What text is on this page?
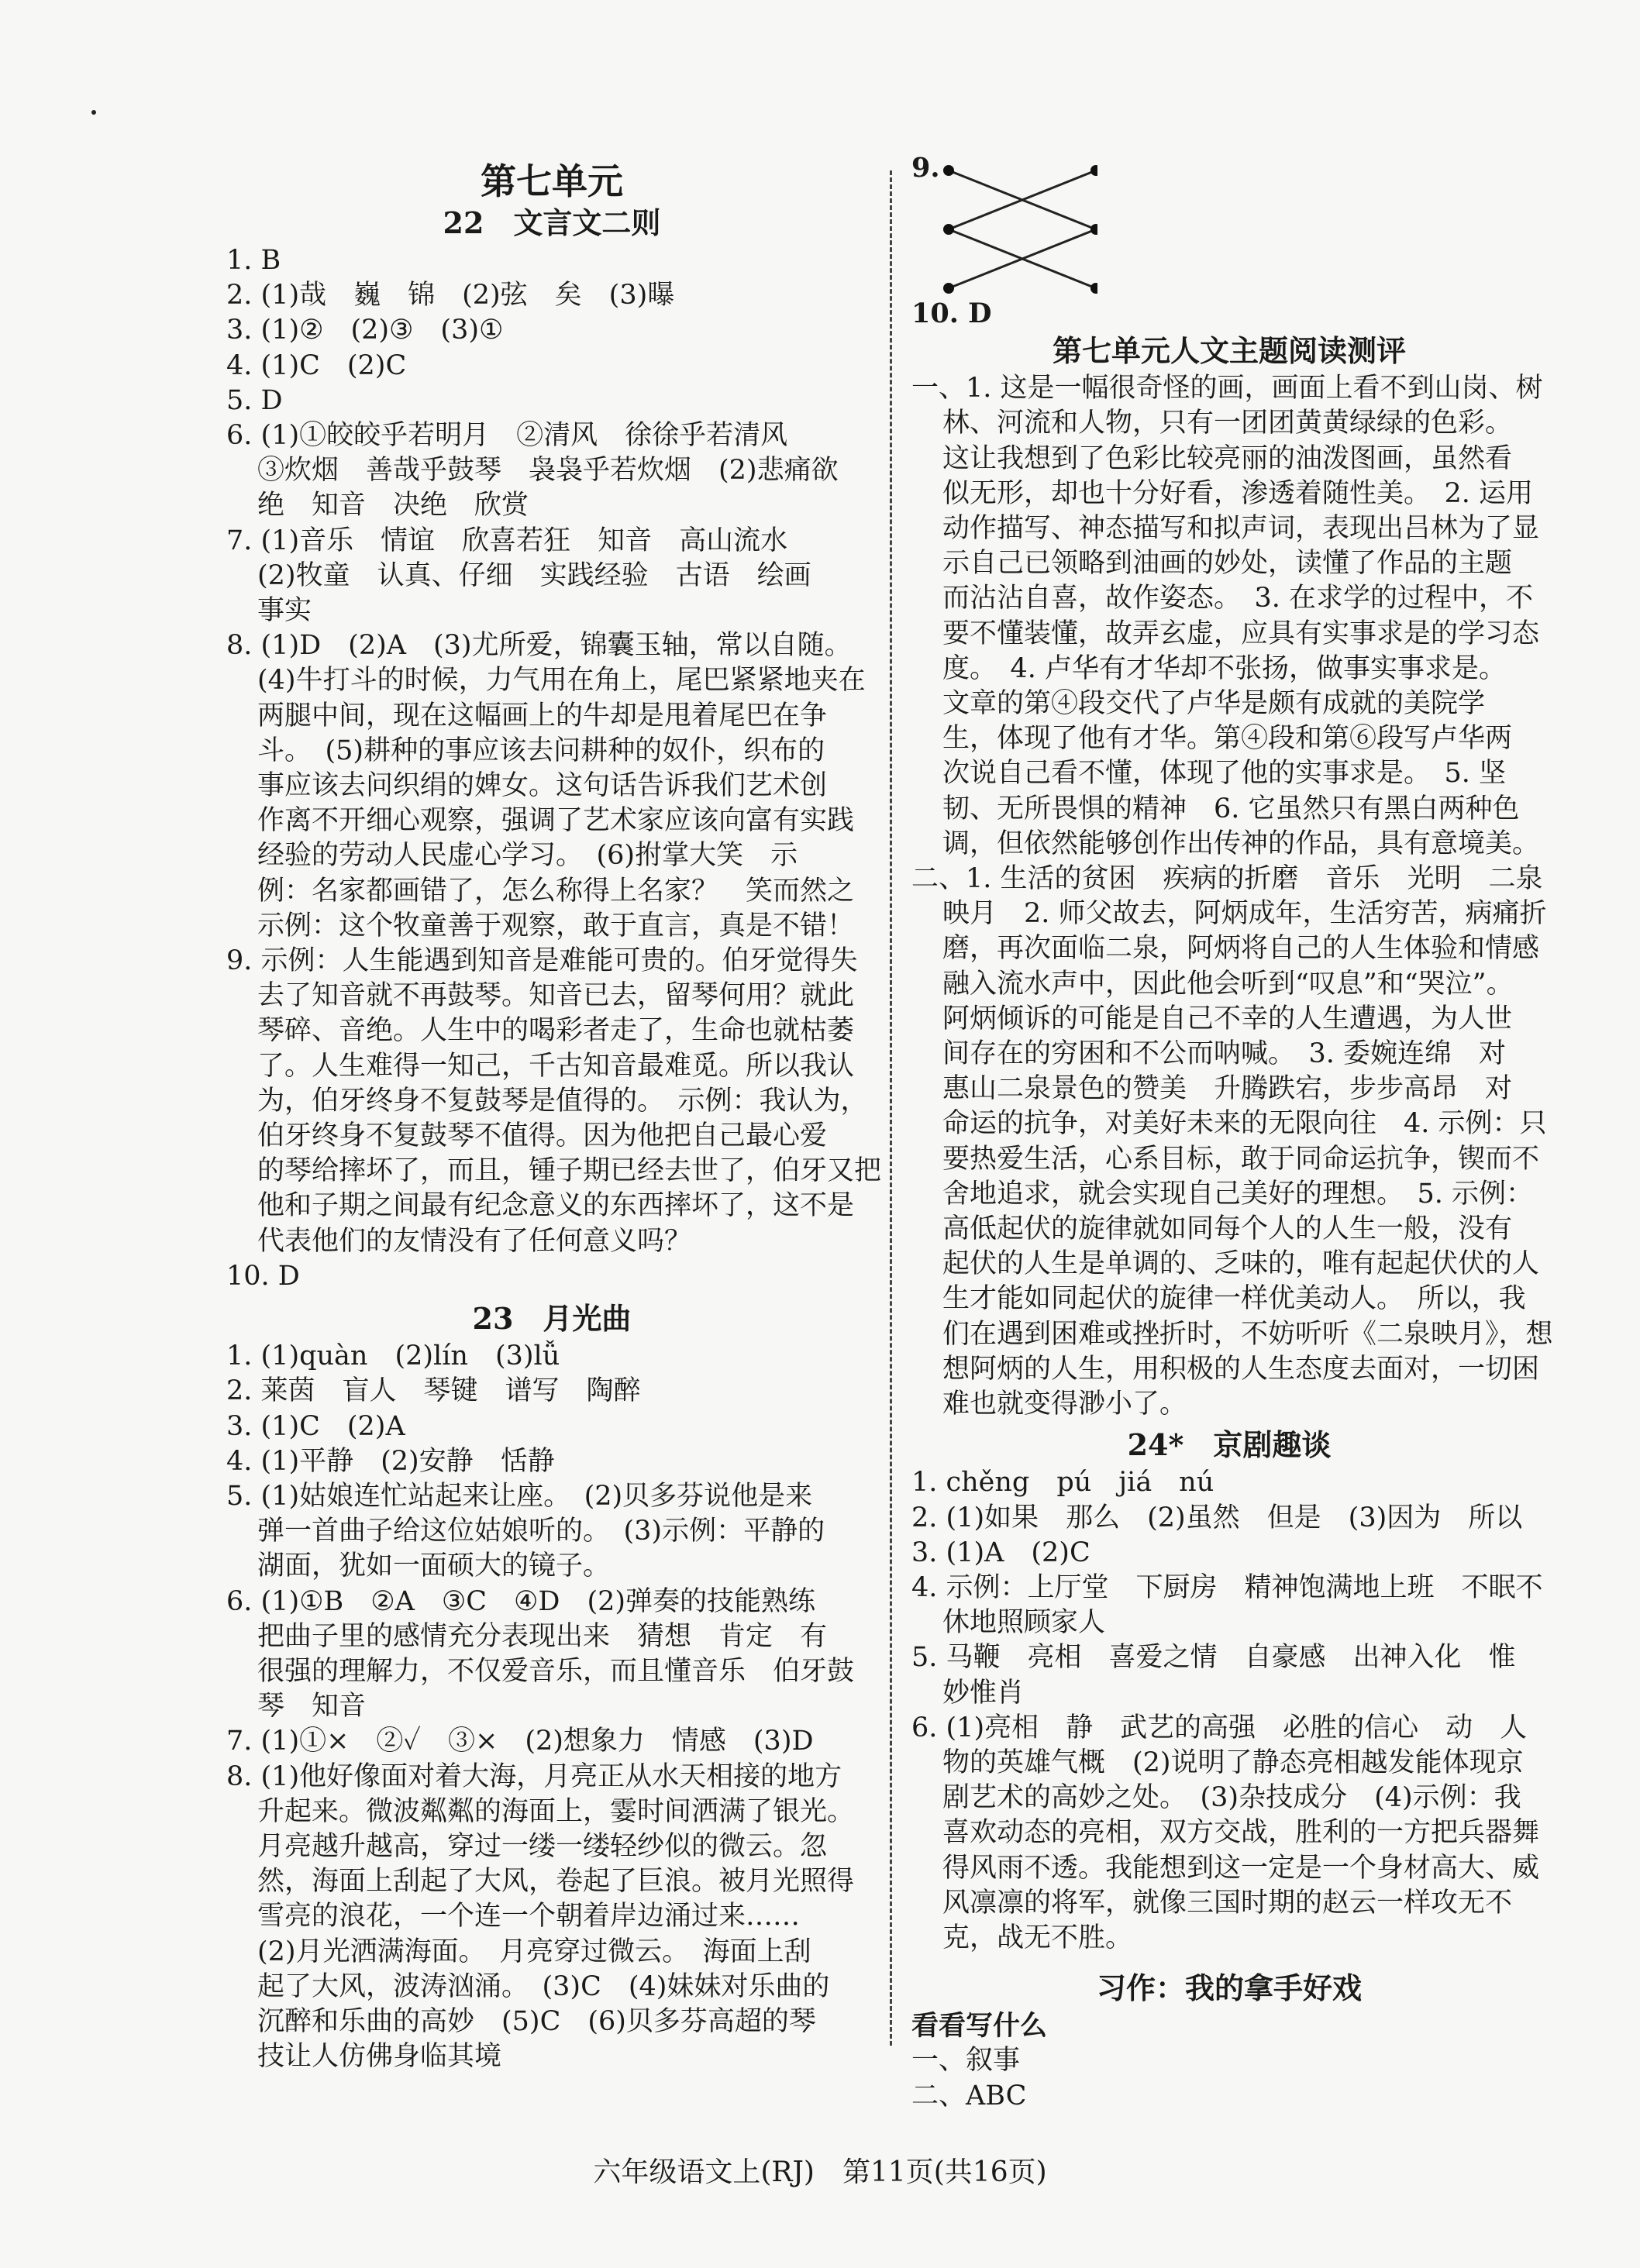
第七单元

22　文言文二则

1. B

2. (1)哉　巍　锦　(2)弦　矣　(3)曝

3. (1)②　(2)③　(3)①

4. (1)C　(2)C

5. D

6. (1)①皎皎乎若明月　②清风　徐徐乎若清风

③炊烟　善哉乎鼓琴　袅袅乎若炊烟　(2)悲痛欲

绝　知音　决绝　欣赏

7. (1)音乐　情谊　欣喜若狂　知音　高山流水

(2)牧童　认真、仔细　实践经验　古语　绘画

事实

8. (1)D　(2)A　(3)尤所爱，锦囊玉轴，常以自随。

(4)牛打斗的时候，力气用在角上，尾巴紧紧地夹在

两腿中间，现在这幅画上的牛却是甩着尾巴在争

斗。　(5)耕种的事应该去问耕种的奴仆，织布的

事应该去问织绢的婢女。这句话告诉我们艺术创

作离不开细心观察，强调了艺术家应该向富有实践

经验的劳动人民虚心学习。　(6)拊掌大笑　示

例：名家都画错了，怎么称得上名家？　笑而然之

示例：这个牧童善于观察，敢于直言，真是不错！

9. 示例：人生能遇到知音是难能可贵的。伯牙觉得失

去了知音就不再鼓琴。知音已去，留琴何用？就此

琴碎、音绝。人生中的喝彩者走了，生命也就枯萎

了。人生难得一知己，千古知音最难觅。所以我认

为，伯牙终身不复鼓琴是值得的。　示例：我认为，

伯牙终身不复鼓琴不值得。因为他把自己最心爱

的琴给摔坏了，而且，锺子期已经去世了，伯牙又把

他和子期之间最有纪念意义的东西摔坏了，这不是

代表他们的友情没有了任何意义吗？

10. D

23　月光曲

1. (1)quàn　(2)lín　(3)lǚ

2. 莱茵　盲人　琴键　谱写　陶醉

3. (1)C　(2)A

4. (1)平静　(2)安静　恬静

5. (1)姑娘连忙站起来让座。　(2)贝多芬说他是来

弹一首曲子给这位姑娘听的。　(3)示例：平静的

湖面，犹如一面硕大的镜子。

6. (1)①B　②A　③C　④D　(2)弹奏的技能熟练

把曲子里的感情充分表现出来　猜想　肯定　有

很强的理解力，不仅爱音乐，而且懂音乐　伯牙鼓

琴　知音

7. (1)①×　②✓　③×　(2)想象力　情感　(3)D

8. (1)他好像面对着大海，月亮正从水天相接的地方

升起来。微波粼粼的海面上，霎时间洒满了银光。

月亮越升越高，穿过一缕一缕轻纱似的微云。忽

然，海面上刮起了大风，卷起了巨浪。被月光照得

雪亮的浪花，一个连一个朝着岸边涌过来……

(2)月光洒满海面。　月亮穿过微云。　海面上刮

起了大风，波涛汹涌。　(3)C　(4)妹妹对乐曲的

沉醉和乐曲的高妙　(5)C　(6)贝多芬高超的琴

技让人仿佛身临其境

9.

10. D

第七单元人文主题阅读测评

一、1. 这是一幅很奇怪的画，画面上看不到山岗、树

林、河流和人物，只有一团团黄黄绿绿的色彩。

这让我想到了色彩比较亮丽的油泼图画，虽然看

似无形，却也十分好看，渗透着随性美。　2. 运用

动作描写、神态描写和拟声词，表现出吕林为了显

示自己已领略到油画的妙处，读懂了作品的主题

而沾沾自喜，故作姿态。　3. 在求学的过程中，不

要不懂装懂，故弄玄虚，应具有实事求是的学习态

度。　4. 卢华有才华却不张扬，做事实事求是。

文章的第④段交代了卢华是颇有成就的美院学

生，体现了他有才华。第④段和第⑥段写卢华两

次说自己看不懂，体现了他的实事求是。　5. 坚

韧、无所畏惧的精神　6. 它虽然只有黑白两种色

调，但依然能够创作出传神的作品，具有意境美。

二、1. 生活的贫困　疾病的折磨　音乐　光明　二泉

映月　2. 师父故去，阿炳成年，生活穷苦，病痛折

磨，再次面临二泉，阿炳将自己的人生体验和情感

融入流水声中，因此他会听到“叹息”和“哭泣”。

阿炳倾诉的可能是自己不幸的人生遭遇，为人世

间存在的穷困和不公而呐喊。　3. 委婉连绵　对

惠山二泉景色的赞美　升腾跌宕，步步高昂　对

命运的抗争，对美好未来的无限向往　4. 示例：只

要热爱生活，心系目标，敢于同命运抗争，锲而不

舍地追求，就会实现自己美好的理想。　5. 示例：

高低起伏的旋律就如同每个人的人生一般，没有

起伏的人生是单调的、乏味的，唯有起起伏伏的人

生才能如同起伏的旋律一样优美动人。　所以，我

们在遇到困难或挫折时，不妨听听《二泉映月》，想

想阿炳的人生，用积极的人生态度去面对，一切困

难也就变得渺小了。

24*　京剧趣谈

1. chěng　pú　jiá　nú

2. (1)如果　那么　(2)虽然　但是　(3)因为　所以

3. (1)A　(2)C

4. 示例：上厅堂　下厨房　精神饱满地上班　不眠不

休地照顾家人

5. 马鞭　亮相　喜爱之情　自豪感　出神入化　惟

妙惟肖

6. (1)亮相　静　武艺的高强　必胜的信心　动　人

物的英雄气概　(2)说明了静态亮相越发能体现京

剧艺术的高妙之处。　(3)杂技成分　(4)示例：我

喜欢动态的亮相，双方交战，胜利的一方把兵器舞

得风雨不透。我能想到这一定是一个身材高大、威

风凛凛的将军，就像三国时期的赵云一样攻无不

克，战无不胜。

习作：我的拿手好戏

看看写什么

一、叙事

二、ABC

六年级语文上(RJ)　第11页(共16页)
